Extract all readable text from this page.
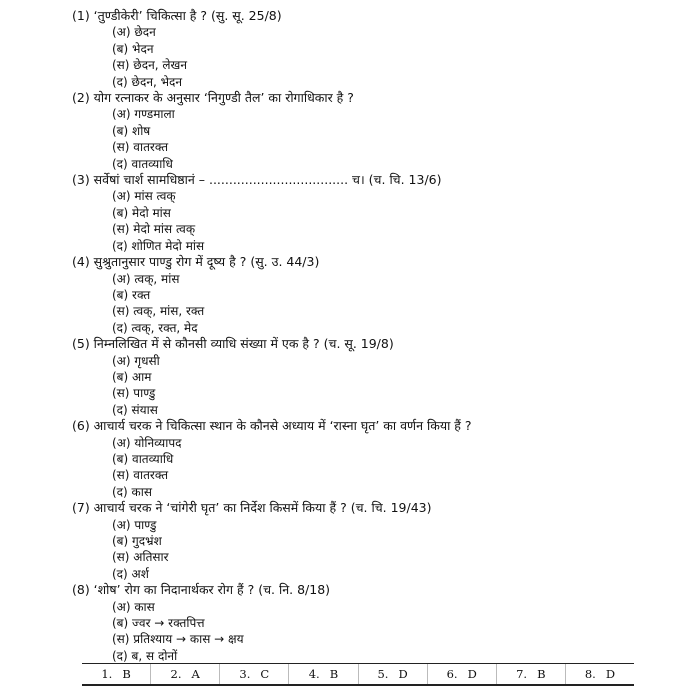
(1) ‘तुण्डीकेरी’ चिकित्सा है ? (सु. सू. 25/8)
(अ) छेदन
(ब) भेदन
(स) छेदन, लेखन
(द) छेदन, भेदन
(2) योग रत्नाकर के अनुसार ‘निगुण्डी तैल’ का रोगाधिकार है ?
(अ) गण्डमाला
(ब) शोष
(स) वातरक्त
(द) वातव्याधि
(3) सर्वेषां चार्श सामधिष्ठानं – ................................... च। (च. चि. 13/6)
(अ) मांस त्वक्
(ब) मेदो मांस
(स) मेदो मांस त्वक्
(द) शोणित मेदो मांस
(4) सुश्रुतानुसार पाण्डु रोग में दूष्य है ? (सु. उ. 44/3)
(अ) त्वक्, मांस
(ब) रक्त
(स) त्वक्, मांस, रक्त
(द) त्वक्, रक्त, मेद
(5) निम्नलिखित में से कौनसी व्याधि संख्या में एक है ? (च. सू. 19/8)
(अ) गृधसी
(ब) आम
(स) पाण्डु
(द) संयास
(6) आचार्य चरक ने चिकित्सा स्थान के कौनसे अध्याय में ‘रास्ना घृत’ का वर्णन किया हैं ?
(अ) योनिव्यापद
(ब) वातव्याधि
(स) वातरक्त
(द) कास
(7) आचार्य चरक ने ‘चांगेरी घृत’ का निर्देश किसमें किया हैं ? (च. चि. 19/43)
(अ) पाण्डु
(ब) गुदभ्रंश
(स) अतिसार
(द) अर्श
(8) ‘शोष’ रोग का निदानार्थकर रोग हैं ? (च. नि. 8/18)
(अ) कास
(ब) ज्वर → रक्तपित्त
(स) प्रतिश्याय → कास → क्षय
(द) ब, स दोनों
1. B	2. A	3. C	4. B	5. D	6. D	7. B	8. D
